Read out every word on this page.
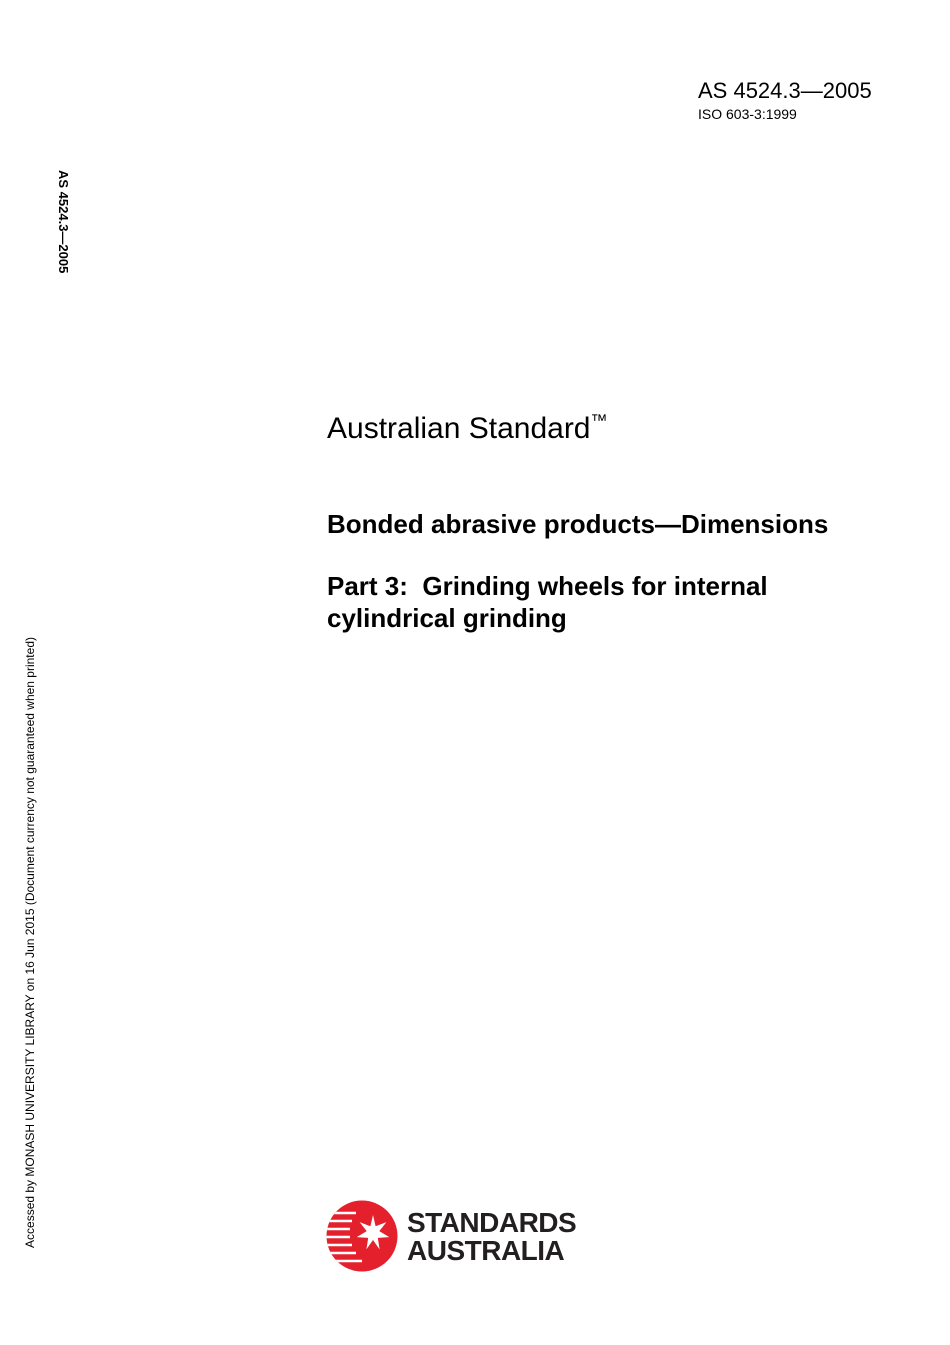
AS 4524.3—2005
ISO 603-3:1999
AS 4524.3—2005
Accessed by MONASH UNIVERSITY LIBRARY on 16 Jun 2015 (Document currency not guaranteed when printed)
Australian Standard™
Bonded abrasive products—Dimensions
Part 3:  Grinding wheels for internal
cylindrical grinding
STANDARDS
AUSTRALIA
